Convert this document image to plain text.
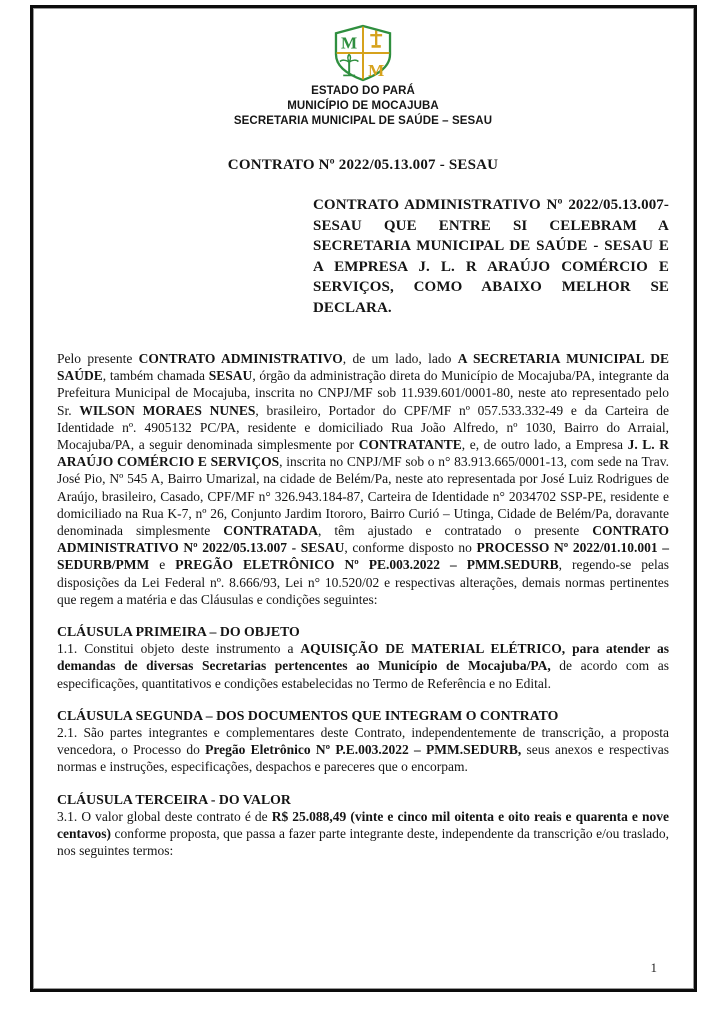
M
M
ESTADO DO PARÁ
MUNICÍPIO DE MOCAJUBA
SECRETARIA MUNICIPAL DE SAÚDE – SESAU
CONTRATO Nº 2022/05.13.007 - SESAU
CONTRATO ADMINISTRATIVO Nº 2022/05.13.007- SESAU QUE ENTRE SI CELEBRAM A SECRETARIA MUNICIPAL DE SAÚDE - SESAU E A EMPRESA J. L. R ARAÚJO COMÉRCIO E SERVIÇOS, COMO ABAIXO MELHOR SE DECLARA.
Pelo presente CONTRATO ADMINISTRATIVO, de um lado, lado A SECRETARIA MUNICIPAL DE SAÚDE, também chamada SESAU, órgão da administração direta do Município de Mocajuba/PA, integrante da Prefeitura Municipal de Mocajuba, inscrita no CNPJ/MF sob 11.939.601/0001-80, neste ato representado pelo Sr. WILSON MORAES NUNES, brasileiro, Portador do CPF/MF nº 057.533.332-49 e da Carteira de Identidade nº. 4905132 PC/PA, residente e domiciliado Rua João Alfredo, nº 1030, Bairro do Arraial, Mocajuba/PA, a seguir denominada simplesmente por CONTRATANTE, e, de outro lado, a Empresa J. L. R ARAÚJO COMÉRCIO E SERVIÇOS, inscrita no CNPJ/MF sob o n° 83.913.665/0001-13, com sede na Trav. José Pio, Nº 545 A, Bairro Umarizal, na cidade de Belém/Pa, neste ato representada por José Luiz Rodrigues de Araújo, brasileiro, Casado, CPF/MF n° 326.943.184-87, Carteira de Identidade n° 2034702 SSP-PE, residente e domiciliado na Rua K-7, nº 26, Conjunto Jardim Itororo, Bairro Curió – Utinga, Cidade de Belém/Pa, doravante denominada simplesmente CONTRATADA, têm ajustado e contratado o presente CONTRATO ADMINISTRATIVO Nº 2022/05.13.007 - SESAU, conforme disposto no PROCESSO Nº 2022/01.10.001 – SEDURB/PMM e PREGÃO ELETRÔNICO Nº PE.003.2022 – PMM.SEDURB, regendo-se pelas disposições da Lei Federal nº. 8.666/93, Lei n° 10.520/02 e respectivas alterações, demais normas pertinentes que regem a matéria e das Cláusulas e condições seguintes:
CLÁUSULA PRIMEIRA – DO OBJETO
1.1. Constitui objeto deste instrumento a AQUISIÇÃO DE MATERIAL ELÉTRICO, para atender as demandas de diversas Secretarias pertencentes ao Município de Mocajuba/PA, de acordo com as especificações, quantitativos e condições estabelecidas no Termo de Referência e no Edital.
CLÁUSULA SEGUNDA – DOS DOCUMENTOS QUE INTEGRAM O CONTRATO
2.1. São partes integrantes e complementares deste Contrato, independentemente de transcrição, a proposta vencedora, o Processo do Pregão Eletrônico Nº P.E.003.2022 – PMM.SEDURB, seus anexos e respectivas normas e instruções, especificações, despachos e pareceres que o encorpam.
CLÁUSULA TERCEIRA - DO VALOR
3.1. O valor global deste contrato é de R$ 25.088,49 (vinte e cinco mil oitenta e oito reais e quarenta e nove centavos) conforme proposta, que passa a fazer parte integrante deste, independente da transcrição e/ou traslado, nos seguintes termos:
1
